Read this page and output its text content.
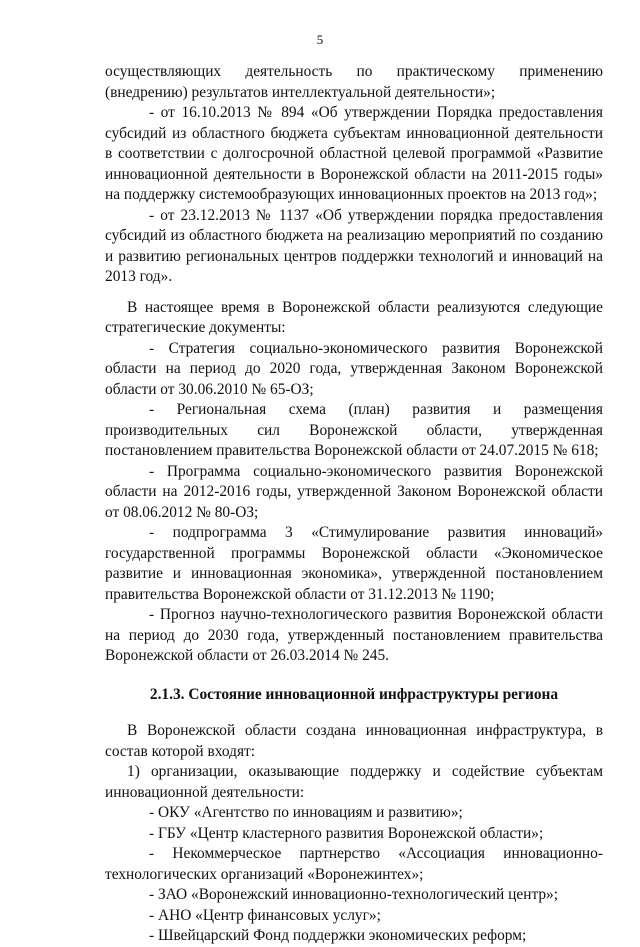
5

осуществляющих деятельность по практическому применению (внедрению) результатов интеллектуальной деятельности»;

- от 16.10.2013 № 894 «Об утверждении Порядка предоставления субсидий из областного бюджета субъектам инновационной деятельности в соответствии с долгосрочной областной целевой программой «Развитие инновационной деятельности в Воронежской области на 2011-2015 годы» на поддержку системообразующих инновационных проектов на 2013 год»;

- от 23.12.2013 № 1137 «Об утверждении порядка предоставления субсидий из областного бюджета на реализацию мероприятий по созданию и развитию региональных центров поддержки технологий и инноваций на 2013 год».

В настоящее время в Воронежской области реализуются следующие стратегические документы:

- Стратегия социально-экономического развития Воронежской области на период до 2020 года, утвержденная Законом Воронежской области от 30.06.2010 № 65-ОЗ;

- Региональная схема (план) развития и размещения производительных сил Воронежской области, утвержденная постановлением правительства Воронежской области от 24.07.2015 № 618;

- Программа социально-экономического развития Воронежской области на 2012-2016 годы, утвержденной Законом Воронежской области от 08.06.2012 № 80-ОЗ;

- подпрограмма 3 «Стимулирование развития инноваций» государственной программы Воронежской области «Экономическое развитие и инновационная экономика», утвержденной постановлением правительства Воронежской области от 31.12.2013 № 1190;

- Прогноз научно-технологического развития Воронежской области на период до 2030 года, утвержденный постановлением правительства Воронежской области от 26.03.2014 № 245.

2.1.3. Состояние инновационной инфраструктуры региона

В Воронежской области создана инновационная инфраструктура, в состав которой входят:

1) организации, оказывающие поддержку и содействие субъектам инновационной деятельности:

- ОКУ «Агентство по инновациям и развитию»;

- ГБУ «Центр кластерного развития Воронежской области»;

- Некоммерческое партнерство «Ассоциация инновационно-технологических организаций «Воронежинтех»;

- ЗАО «Воронежский инновационно-технологический центр»;

- АНО «Центр финансовых услуг»;

- Швейцарский Фонд поддержки экономических реформ;
